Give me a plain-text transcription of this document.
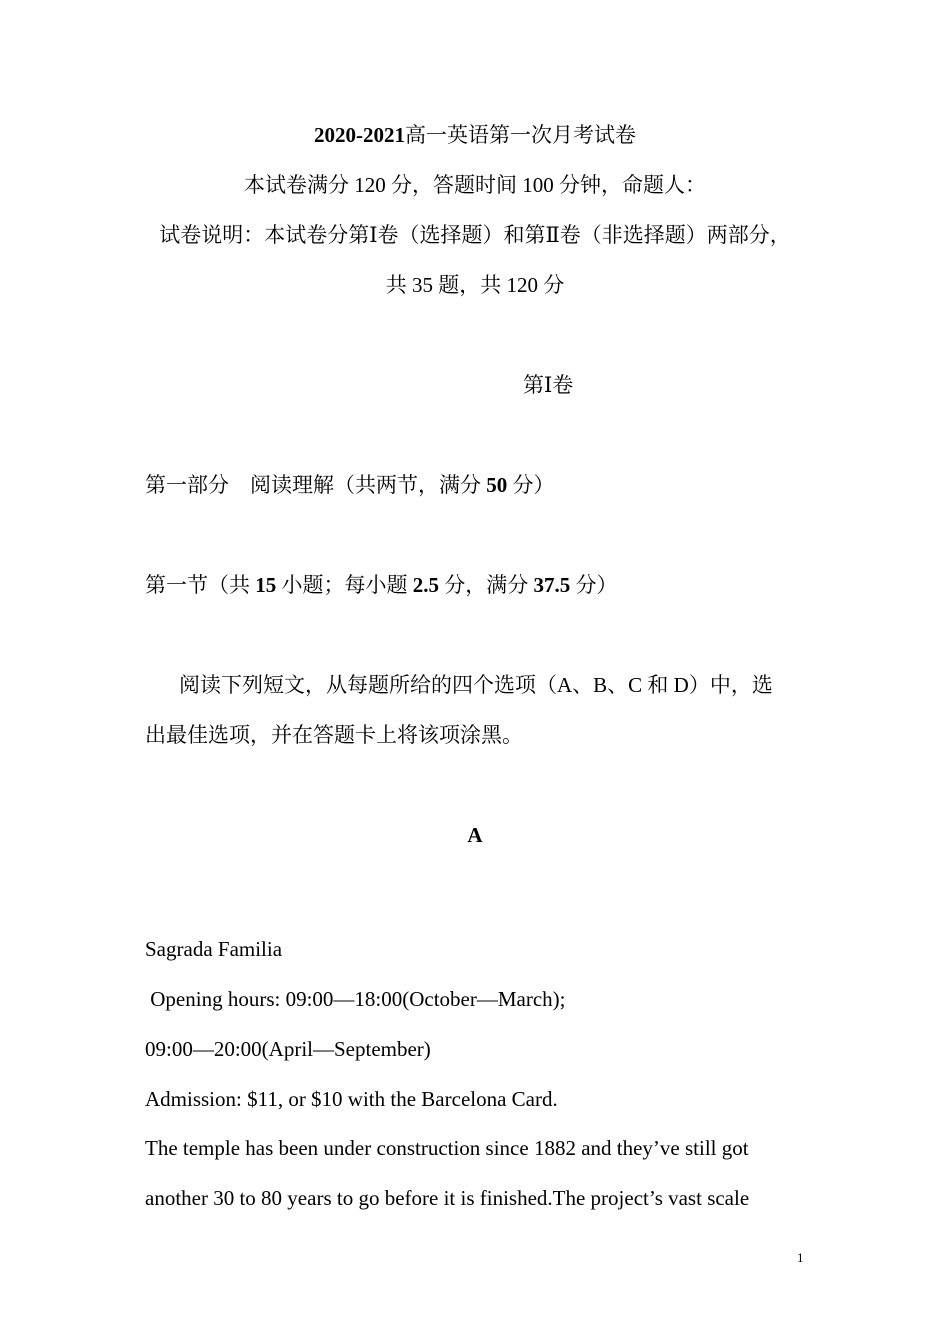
2020-2021高一英语第一次月考试卷
本试卷满分 120 分，答题时间 100 分钟，命题人：
试卷说明：本试卷分第Ⅰ卷（选择题）和第Ⅱ卷（非选择题）两部分，
共 35 题，共 120 分
第Ⅰ卷
第一部分　阅读理解（共两节，满分 50 分）
第一节（共 15 小题；每小题 2.5 分，满分 37.5 分）
阅读下列短文，从每题所给的四个选项（A、B、C 和 D）中，选
出最佳选项，并在答题卡上将该项涂黑。
A
Sagrada Familia
Opening hours: 09:00—18:00(October—March);
09:00—20:00(April—September)
Admission: $11, or $10 with the Barcelona Card.
The temple has been under construction since 1882 and they’ve still got
another 30 to 80 years to go before it is finished.The project’s vast scale
1
